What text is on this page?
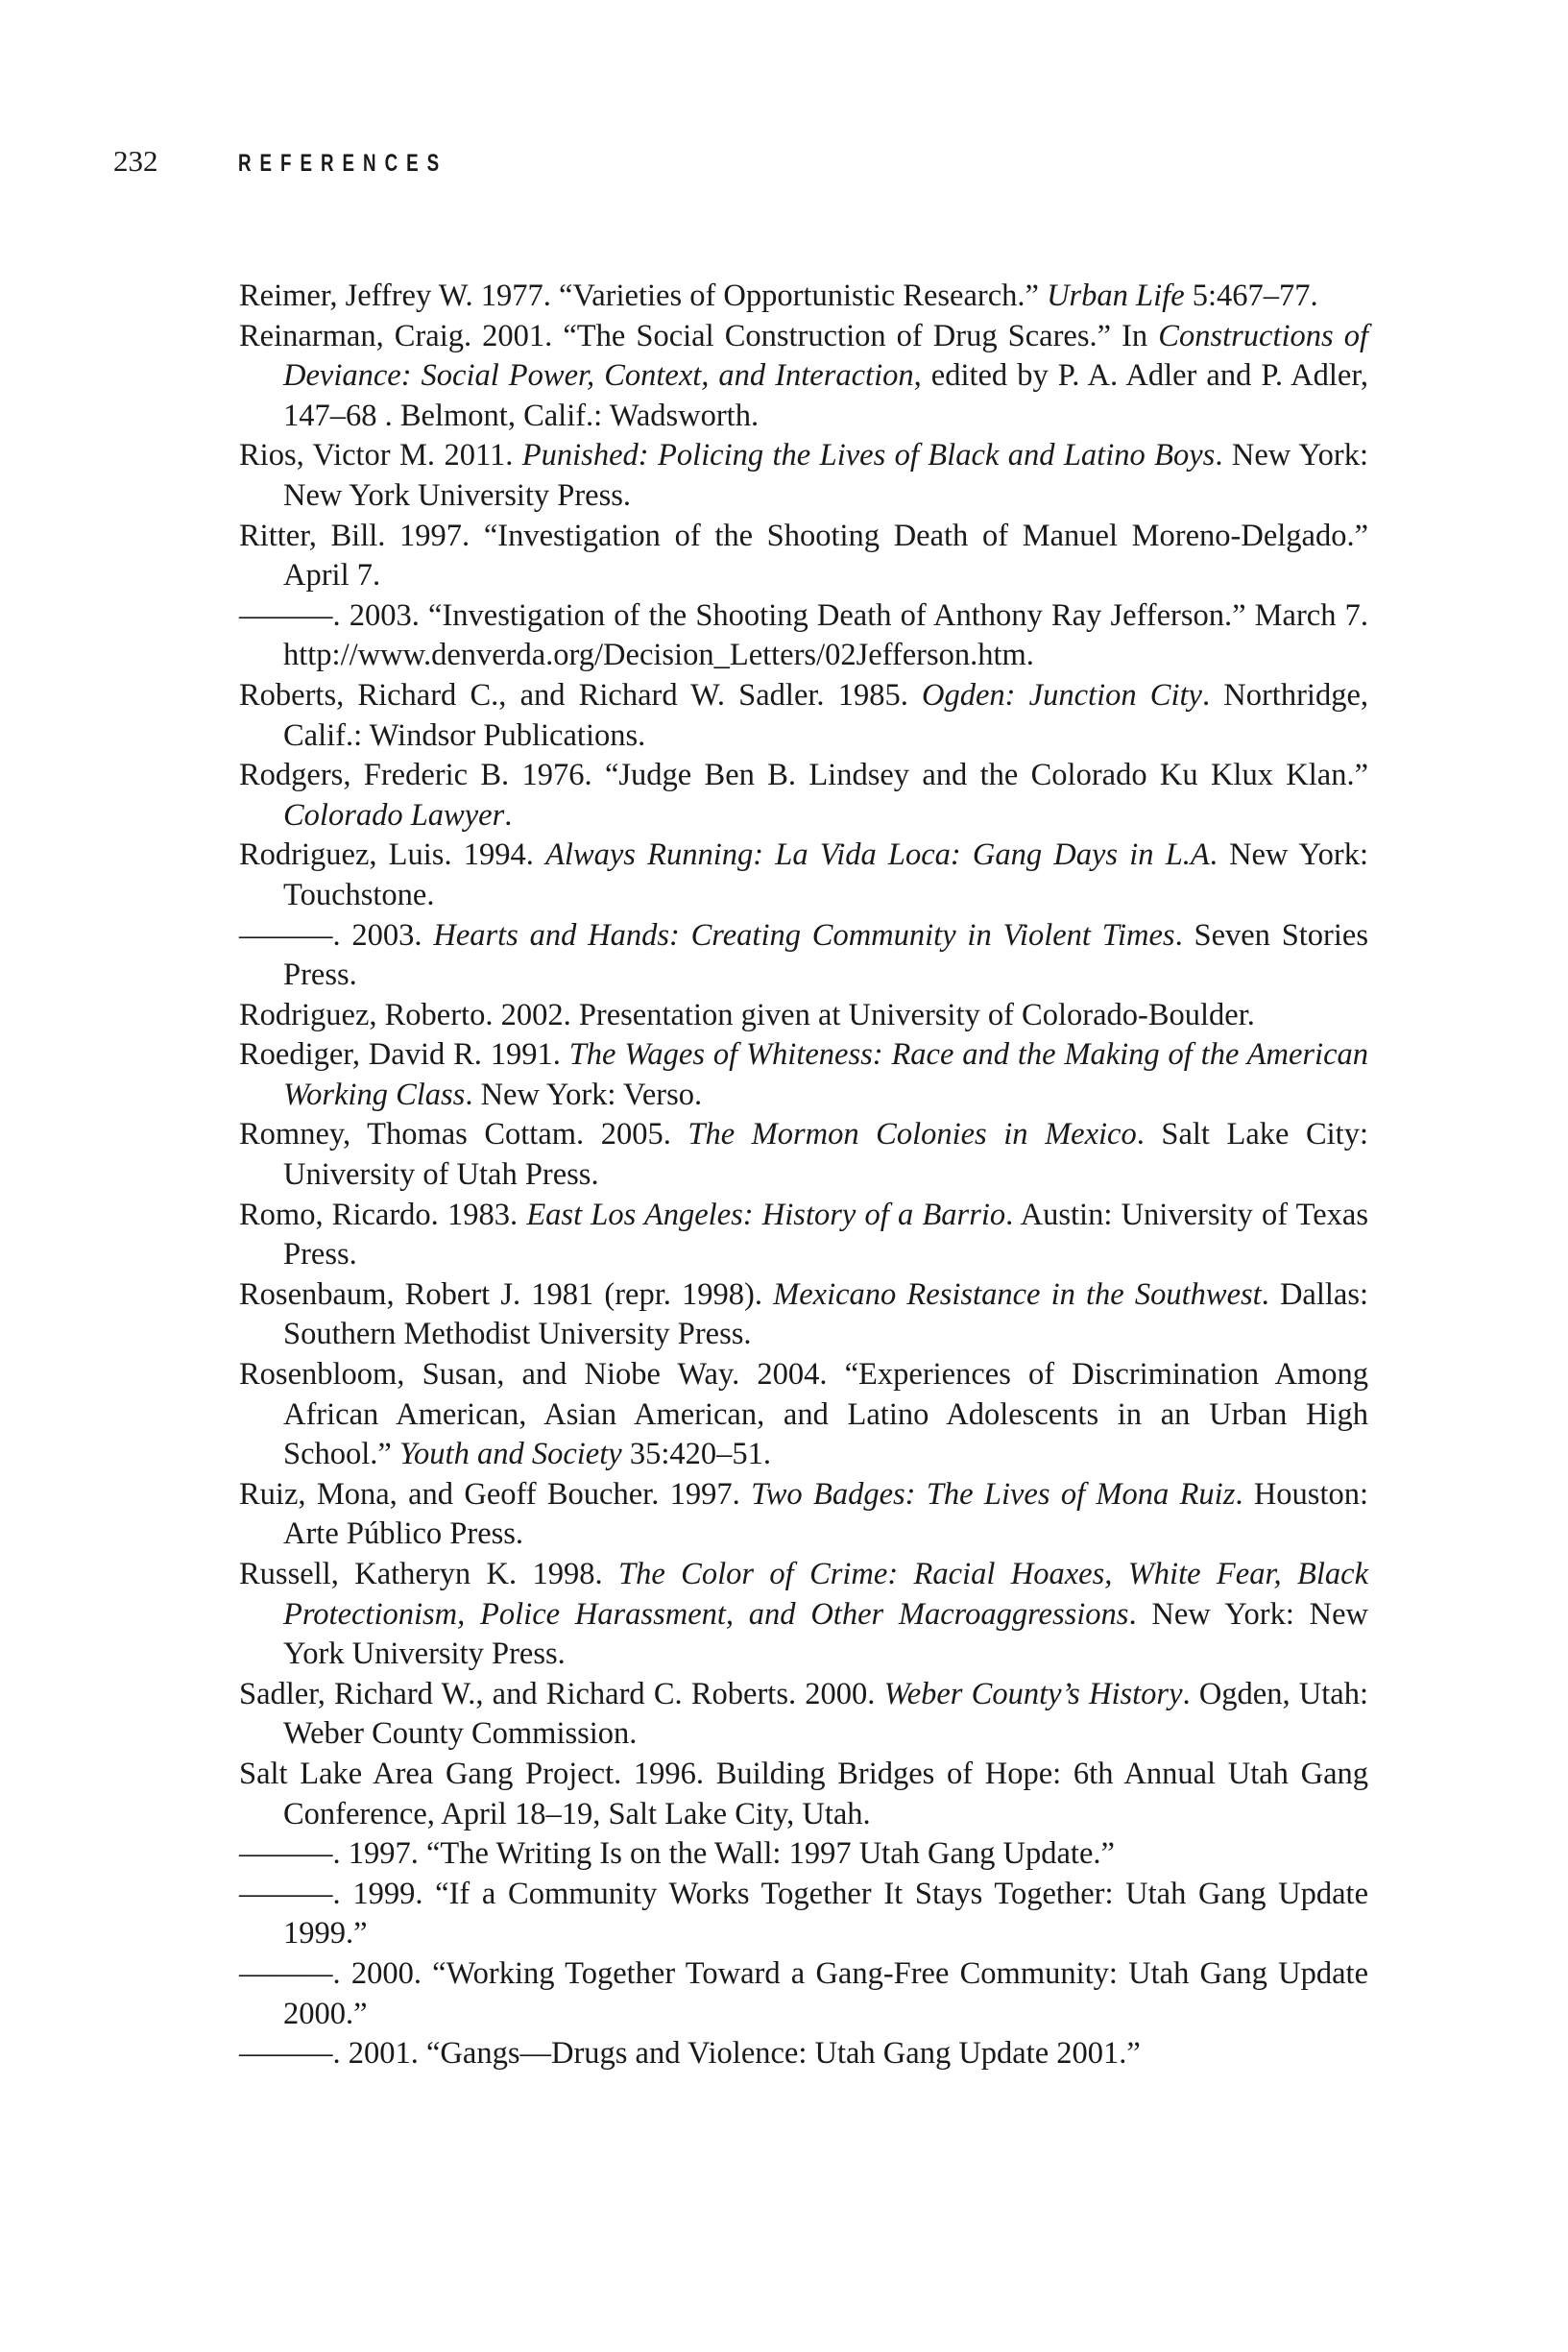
232	REFERENCES

Reimer, Jeffrey W. 1977. “Varieties of Opportunistic Research.” Urban Life 5:467–77.

Reinarman, Craig. 2001. “The Social Construction of Drug Scares.” In Constructions of Deviance: Social Power, Context, and Interaction, edited by P. A. Adler and P. Adler, 147–68 . Belmont, Calif.: Wadsworth.

Rios, Victor M. 2011. Punished: Policing the Lives of Black and Latino Boys. New York: New York University Press.

Ritter, Bill. 1997. “Investigation of the Shooting Death of Manuel Moreno-Delgado.” April 7.

———. 2003. “Investigation of the Shooting Death of Anthony Ray Jefferson.” March 7. http://www.denverda.org/Decision_Letters/02Jefferson.htm.

Roberts, Richard C., and Richard W. Sadler. 1985. Ogden: Junction City. Northridge, Calif.: Windsor Publications.

Rodgers, Frederic B. 1976. “Judge Ben B. Lindsey and the Colorado Ku Klux Klan.” Colorado Lawyer.

Rodriguez, Luis. 1994. Always Running: La Vida Loca: Gang Days in L.A. New York: Touchstone.

———. 2003. Hearts and Hands: Creating Community in Violent Times. Seven Stories Press.

Rodriguez, Roberto. 2002. Presentation given at University of Colorado-Boulder.

Roediger, David R. 1991. The Wages of Whiteness: Race and the Making of the American Working Class. New York: Verso.

Romney, Thomas Cottam. 2005. The Mormon Colonies in Mexico. Salt Lake City: University of Utah Press.

Romo, Ricardo. 1983. East Los Angeles: History of a Barrio. Austin: University of Texas Press.

Rosenbaum, Robert J. 1981 (repr. 1998). Mexicano Resistance in the Southwest. Dallas: Southern Methodist University Press.

Rosenbloom, Susan, and Niobe Way. 2004. “Experiences of Discrimination Among African American, Asian American, and Latino Adolescents in an Urban High School.” Youth and Society 35:420–51.

Ruiz, Mona, and Geoff Boucher. 1997. Two Badges: The Lives of Mona Ruiz. Houston: Arte Público Press.

Russell, Katheryn K. 1998. The Color of Crime: Racial Hoaxes, White Fear, Black Protectionism, Police Harassment, and Other Macroaggressions. New York: New York University Press.

Sadler, Richard W., and Richard C. Roberts. 2000. Weber County’s History. Ogden, Utah: Weber County Commission.

Salt Lake Area Gang Project. 1996. Building Bridges of Hope: 6th Annual Utah Gang Conference, April 18–19, Salt Lake City, Utah.

———. 1997. “The Writing Is on the Wall: 1997 Utah Gang Update.”

———. 1999. “If a Community Works Together It Stays Together: Utah Gang Update 1999.”

———. 2000. “Working Together Toward a Gang-Free Community: Utah Gang Update 2000.”

———. 2001. “Gangs—Drugs and Violence: Utah Gang Update 2001.”
